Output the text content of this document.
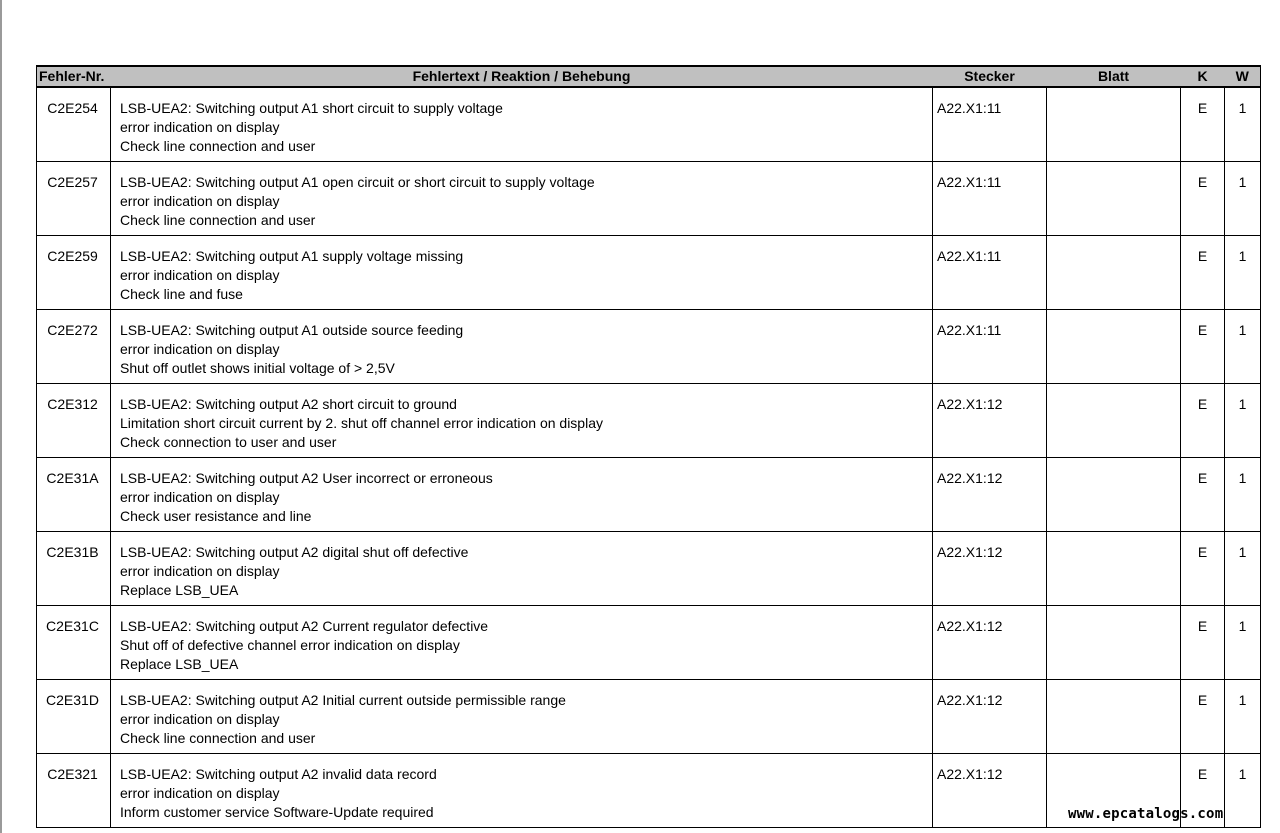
Fehler-Nr.	Fehlertext / Reaktion / Behebung	Stecker	Blatt	K	W
C2E254	LSB-UEA2: Switching output A1 short circuit to supply voltage
error indication on display
Check line connection and user	A22.X1:11		E	1
C2E257	LSB-UEA2: Switching output A1 open circuit or short circuit to supply voltage
error indication on display
Check line connection and user	A22.X1:11		E	1
C2E259	LSB-UEA2: Switching output A1 supply voltage missing
error indication on display
Check line and fuse	A22.X1:11		E	1
C2E272	LSB-UEA2: Switching output A1 outside source feeding
error indication on display
Shut off outlet shows initial voltage of > 2,5V	A22.X1:11		E	1
C2E312	LSB-UEA2: Switching output A2 short circuit to ground
Limitation short circuit current by 2. shut off channel error indication on display
Check connection to user and user	A22.X1:12		E	1
C2E31A	LSB-UEA2: Switching output A2 User incorrect or erroneous
error indication on display
Check user resistance and line	A22.X1:12		E	1
C2E31B	LSB-UEA2: Switching output A2 digital shut off defective
error indication on display
Replace LSB_UEA	A22.X1:12		E	1
C2E31C	LSB-UEA2: Switching output A2 Current regulator defective
Shut off of defective channel error indication on display
Replace LSB_UEA	A22.X1:12		E	1
C2E31D	LSB-UEA2: Switching output A2 Initial current outside permissible range
error indication on display
Check line connection and user	A22.X1:12		E	1
C2E321	LSB-UEA2: Switching output A2 invalid data record
error indication on display
Inform customer service Software-Update required	A22.X1:12		E	1
www.epcatalogs.com
